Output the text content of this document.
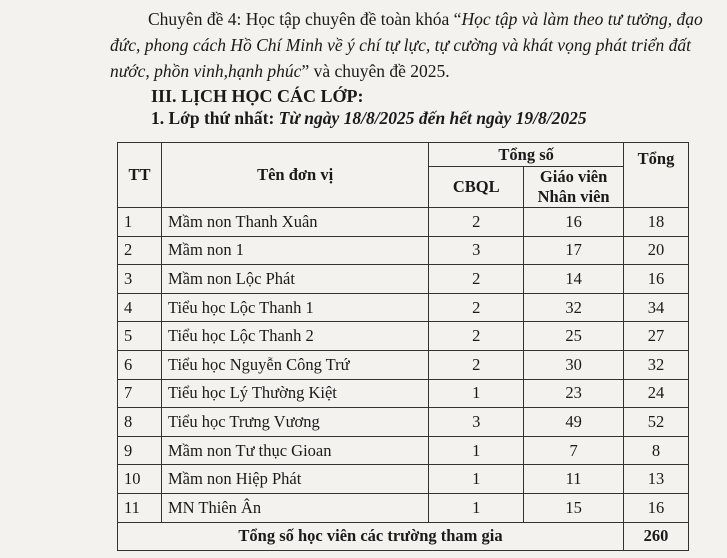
Chuyên đề 4: Học tập chuyên đề toàn khóa “Học tập và làm theo tư tưởng, đạo đức, phong cách Hồ Chí Minh về ý chí tự lực, tự cường và khát vọng phát triển đất nước, phồn vinh,hạnh phúc” và chuyên đề 2025.

III. LỊCH HỌC CÁC LỚP:

1. Lớp thứ nhất: Từ ngày 18/8/2025 đến hết ngày 19/8/2025

TT	Tên đơn vị	Tổng số		Tổng
		CBQL	Giáo viên
Nhân viên	
1	Mầm non Thanh Xuân	2	16	18
2	Mầm non 1	3	17	20
3	Mầm non Lộc Phát	2	14	16
4	Tiểu học Lộc Thanh 1	2	32	34
5	Tiểu học Lộc Thanh 2	2	25	27
6	Tiểu học Nguyễn Công Trứ	2	30	32
7	Tiểu học Lý Thường Kiệt	1	23	24
8	Tiểu học Trưng Vương	3	49	52
9	Mầm non Tư thục Gioan	1	7	8
10	Mầm non Hiệp Phát	1	11	13
11	MN Thiên Ân	1	15	16
Tổng số học viên các trường tham gia				260
